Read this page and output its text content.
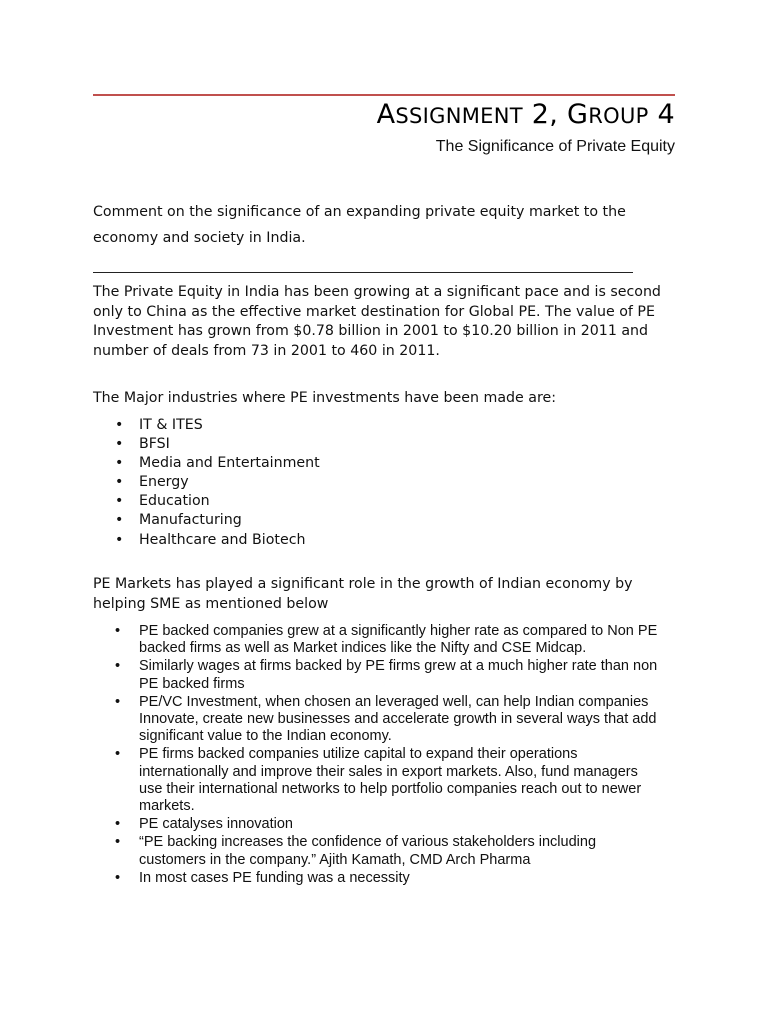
ASSIGNMENT 2, GROUP 4
The Significance of Private Equity
Comment on the significance of an expanding private equity market to the economy and society in India.
The Private Equity in India has been growing at a significant pace and is second only to China as the effective market destination for Global PE. The value of PE Investment has grown from $0.78 billion in 2001 to $10.20 billion in 2011 and number of deals from 73 in 2001 to 460 in 2011.
The Major industries where PE investments have been made are:
• IT & ITES
• BFSI
• Media and Entertainment
• Energy
• Education
• Manufacturing
• Healthcare and Biotech
PE Markets has played a significant role in the growth of Indian economy by helping SME as mentioned below
• PE backed companies grew at a significantly higher rate as compared to Non PE backed firms as well as Market indices like the Nifty and CSE Midcap.
• Similarly wages at firms backed by PE firms grew at a much higher rate than non PE backed firms
• PE/VC Investment, when chosen an leveraged well, can help Indian companies Innovate, create new businesses and accelerate growth in several ways that add significant value to the Indian economy.
• PE firms backed companies utilize capital to expand their operations internationally and improve their sales in export markets. Also, fund managers use their international networks to help portfolio companies reach out to newer markets.
• PE catalyses innovation
• “PE backing increases the confidence of various stakeholders including customers in the company.” Ajith Kamath, CMD Arch Pharma
• In most cases PE funding was a necessity
